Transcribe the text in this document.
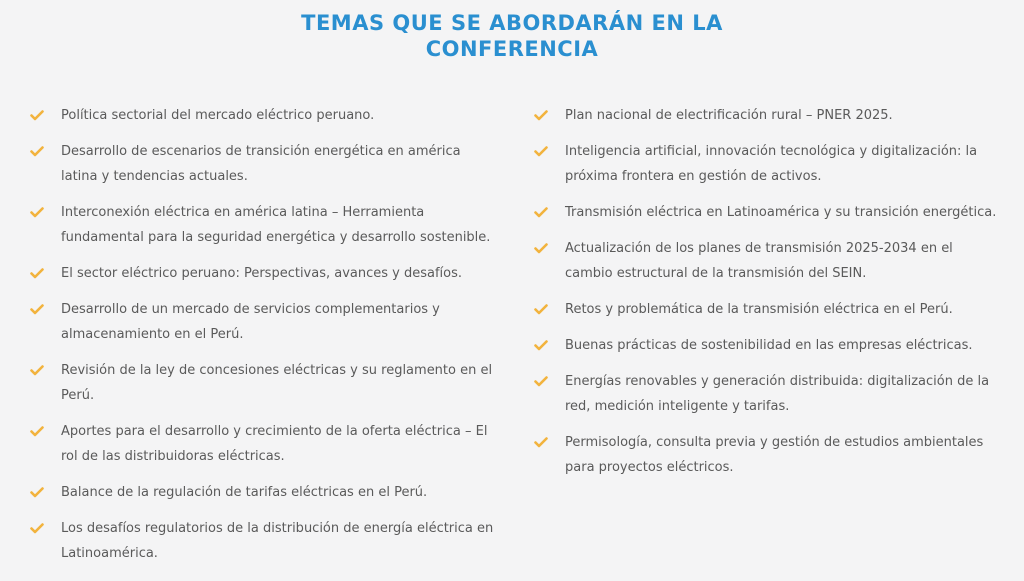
TEMAS QUE SE ABORDARÁN EN LA
CONFERENCIA
Política sectorial del mercado eléctrico peruano.
Desarrollo de escenarios de transición energética en américa latina y tendencias actuales.
Interconexión eléctrica en américa latina – Herramienta fundamental para la seguridad energética y desarrollo sostenible.
El sector eléctrico peruano: Perspectivas, avances y desafíos.
Desarrollo de un mercado de servicios complementarios y almacenamiento en el Perú.
Revisión de la ley de concesiones eléctricas y su reglamento en el Perú.
Aportes para el desarrollo y crecimiento de la oferta eléctrica – El rol de las distribuidoras eléctricas.
Balance de la regulación de tarifas eléctricas en el Perú.
Los desafíos regulatorios de la distribución de energía eléctrica en Latinoamérica.
Plan nacional de electrificación rural – PNER 2025.
Inteligencia artificial, innovación tecnológica y digitalización: la próxima frontera en gestión de activos.
Transmisión eléctrica en Latinoamérica y su transición energética.
Actualización de los planes de transmisión 2025-2034 en el cambio estructural de la transmisión del SEIN.
Retos y problemática de la transmisión eléctrica en el Perú.
Buenas prácticas de sostenibilidad en las empresas eléctricas.
Energías renovables y generación distribuida: digitalización de la red, medición inteligente y tarifas.
Permisología, consulta previa y gestión de estudios ambientales para proyectos eléctricos.
